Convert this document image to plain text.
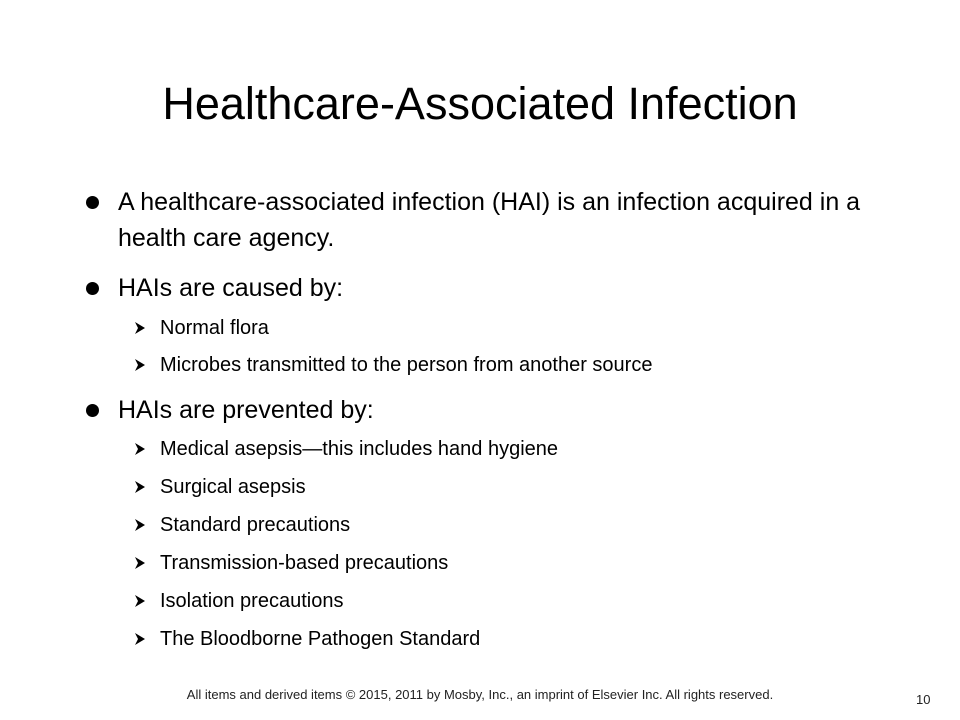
Healthcare-Associated Infection
A healthcare-associated infection (HAI) is an infection acquired in a health care agency.
HAIs are caused by:
Normal flora
Microbes transmitted to the person from another source
HAIs are prevented by:
Medical asepsis—this includes hand hygiene
Surgical asepsis
Standard precautions
Transmission-based precautions
Isolation precautions
The Bloodborne Pathogen Standard
All items and derived items © 2015, 2011 by Mosby, Inc., an imprint of Elsevier Inc. All rights reserved.	10
